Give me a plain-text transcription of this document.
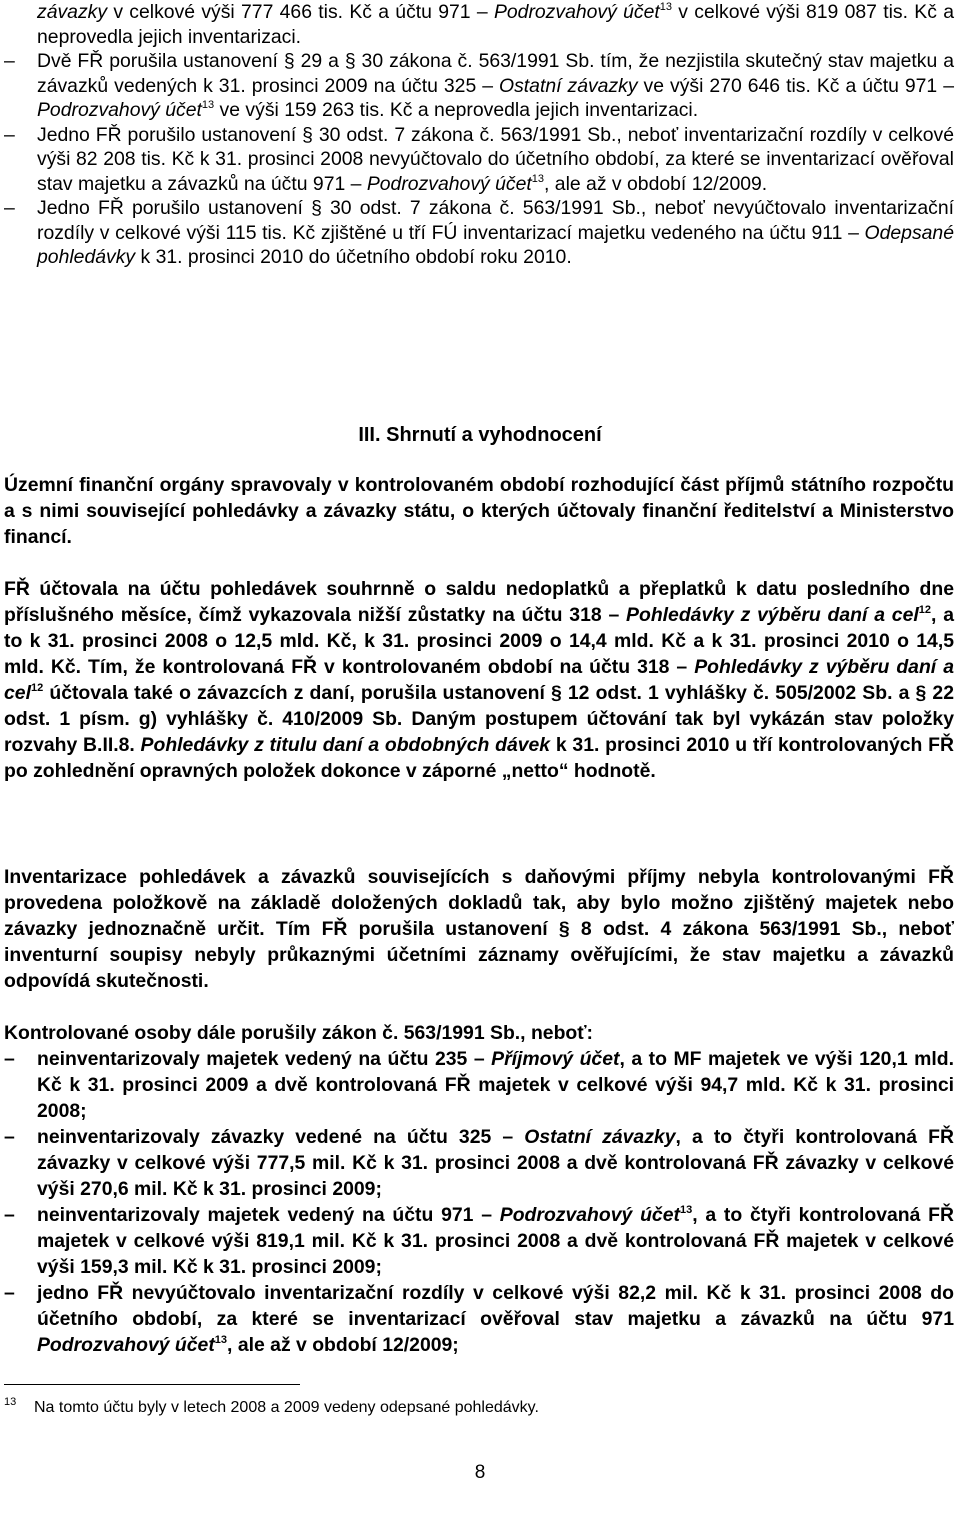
závazky v celkové výši 777 466 tis. Kč a účtu 971 – Podrozvahový účet$^{13}$ v celkové výši 819 087 tis. Kč a neprovedla jejich inventarizaci.

– Dvě FŘ porušila ustanovení § 29 a § 30 zákona č. 563/1991 Sb. tím, že nezjistila skutečný stav majetku a závazků vedených k 31. prosinci 2009 na účtu 325 – Ostatní závazky ve výši 270 646 tis. Kč a účtu 971 – Podrozvahový účet$^{13}$ ve výši 159 263 tis. Kč a neprovedla jejich inventarizaci.

– Jedno FŘ porušilo ustanovení § 30 odst. 7 zákona č. 563/1991 Sb., neboť inventarizační rozdíly v celkové výši 82 208 tis. Kč k 31. prosinci 2008 nevyúčtovalo do účetního období, za které se inventarizací ověřoval stav majetku a závazků na účtu 971 – Podrozvahový účet$^{13}$, ale až v období 12/2009.

– Jedno FŘ porušilo ustanovení § 30 odst. 7 zákona č. 563/1991 Sb., neboť nevyúčtovalo inventarizační rozdíly v celkové výši 115 tis. Kč zjištěné u tří FÚ inventarizací majetku vedeného na účtu 911 – Odepsané pohledávky k 31. prosinci 2010 do účetního období roku 2010.

III. Shrnutí a vyhodnocení

Územní finanční orgány spravovaly v kontrolovaném období rozhodující část příjmů státního rozpočtu a s nimi související pohledávky a závazky státu, o kterých účtovaly finanční ředitelství a Ministerstvo financí.

FŘ účtovala na účtu pohledávek souhrnně o saldu nedoplatků a přeplatků k datu posledního dne příslušného měsíce, čímž vykazovala nižší zůstatky na účtu 318 – Pohledávky z výběru daní a cel$^{12}$, a to k 31. prosinci 2008 o 12,5 mld. Kč, k 31. prosinci 2009 o 14,4 mld. Kč a k 31. prosinci 2010 o 14,5 mld. Kč. Tím, že kontrolovaná FŘ v kontrolovaném období na účtu 318 – Pohledávky z výběru daní a cel$^{12}$ účtovala také o závazcích z daní, porušila ustanovení § 12 odst. 1 vyhlášky č. 505/2002 Sb. a § 22 odst. 1 písm. g) vyhlášky č. 410/2009 Sb. Daným postupem účtování tak byl vykázán stav položky rozvahy B.II.8. Pohledávky z titulu daní a obdobných dávek k 31. prosinci 2010 u tří kontrolovaných FŘ po zohlednění opravných položek dokonce v záporné „netto“ hodnotě.

Inventarizace pohledávek a závazků souvisejících s daňovými příjmy nebyla kontrolovanými FŘ provedena položkově na základě doložených dokladů tak, aby bylo možno zjištěný majetek nebo závazky jednoznačně určit. Tím FŘ porušila ustanovení § 8 odst. 4 zákona 563/1991 Sb., neboť inventurní soupisy nebyly průkaznými účetními záznamy ověřujícími, že stav majetku a závazků odpovídá skutečnosti.

Kontrolované osoby dále porušily zákon č. 563/1991 Sb., neboť:

– neinventarizovaly majetek vedený na účtu 235 – Příjmový účet, a to MF majetek ve výši 120,1 mld. Kč k 31. prosinci 2009 a dvě kontrolovaná FŘ majetek v celkové výši 94,7 mld. Kč k 31. prosinci 2008;

– neinventarizovaly závazky vedené na účtu 325 – Ostatní závazky, a to čtyři kontrolovaná FŘ závazky v celkové výši 777,5 mil. Kč k 31. prosinci 2008 a dvě kontrolovaná FŘ závazky v celkové výši 270,6 mil. Kč k 31. prosinci 2009;

– neinventarizovaly majetek vedený na účtu 971 – Podrozvahový účet$^{13}$, a to čtyři kontrolovaná FŘ majetek v celkové výši 819,1 mil. Kč k 31. prosinci 2008 a dvě kontrolovaná FŘ majetek v celkové výši 159,3 mil. Kč k 31. prosinci 2009;

– jedno FŘ nevyúčtovalo inventarizační rozdíly v celkové výši 82,2 mil. Kč k 31. prosinci 2008 do účetního období, za které se inventarizací ověřoval stav majetku a závazků na účtu 971 Podrozvahový účet$^{13}$, ale až v období 12/2009;

13 Na tomto účtu byly v letech 2008 a 2009 vedeny odepsané pohledávky.
8
